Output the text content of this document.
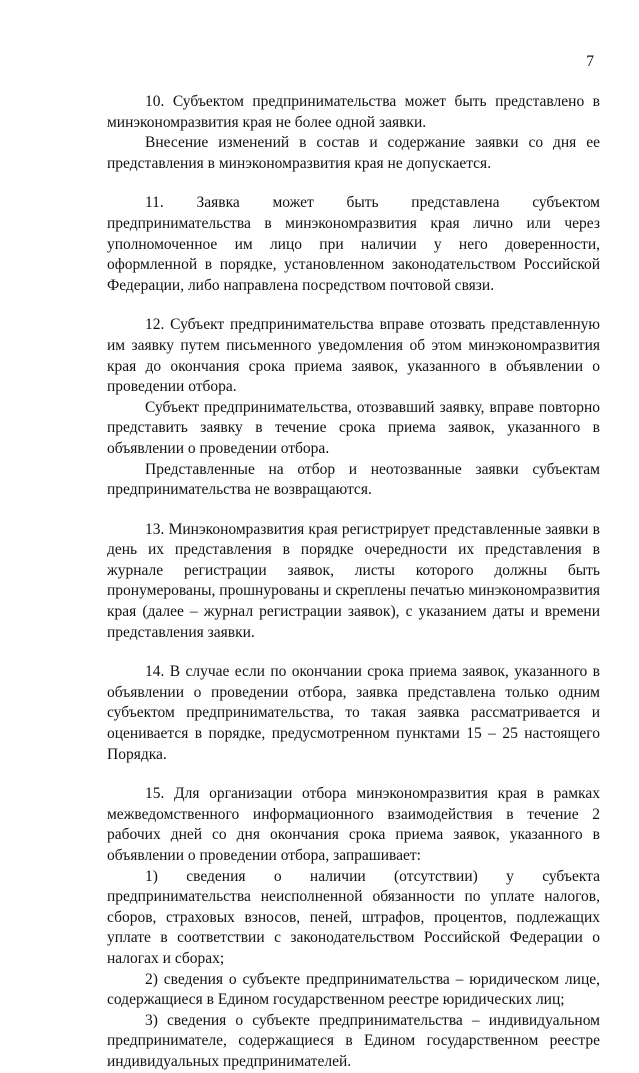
7

10. Субъектом предпринимательства может быть представлено в минэкономразвития края не более одной заявки.

Внесение изменений в состав и содержание заявки со дня ее представления в минэкономразвития края не допускается.

11. Заявка может быть представлена субъектом предпринимательства в минэкономразвития края лично или через уполномоченное им лицо при наличии у него доверенности, оформленной в порядке, установленном законодательством Российской Федерации, либо направлена посредством почтовой связи.

12. Субъект предпринимательства вправе отозвать представленную им заявку путем письменного уведомления об этом минэкономразвития края до окончания срока приема заявок, указанного в объявлении о проведении отбора.

Субъект предпринимательства, отозвавший заявку, вправе повторно представить заявку в течение срока приема заявок, указанного в объявлении о проведении отбора.

Представленные на отбор и неотозванные заявки субъектам предпринимательства не возвращаются.

13. Минэкономразвития края регистрирует представленные заявки в день их представления в порядке очередности их представления в журнале регистрации заявок, листы которого должны быть пронумерованы, прошнурованы и скреплены печатью минэкономразвития края (далее – журнал регистрации заявок), с указанием даты и времени представления заявки.

14. В случае если по окончании срока приема заявок, указанного в объявлении о проведении отбора, заявка представлена только одним субъектом предпринимательства, то такая заявка рассматривается и оценивается в порядке, предусмотренном пунктами 15 – 25 настоящего Порядка.

15. Для организации отбора минэкономразвития края в рамках межведомственного информационного взаимодействия в течение 2 рабочих дней со дня окончания срока приема заявок, указанного в объявлении о проведении отбора, запрашивает:

1) сведения о наличии (отсутствии) у субъекта предпринимательства неисполненной обязанности по уплате налогов, сборов, страховых взносов, пеней, штрафов, процентов, подлежащих уплате в соответствии с законодательством Российской Федерации о налогах и сборах;

2) сведения о субъекте предпринимательства – юридическом лице, содержащиеся в Едином государственном реестре юридических лиц;

3) сведения о субъекте предпринимательства – индивидуальном предпринимателе, содержащиеся в Едином государственном реестре индивидуальных предпринимателей.
